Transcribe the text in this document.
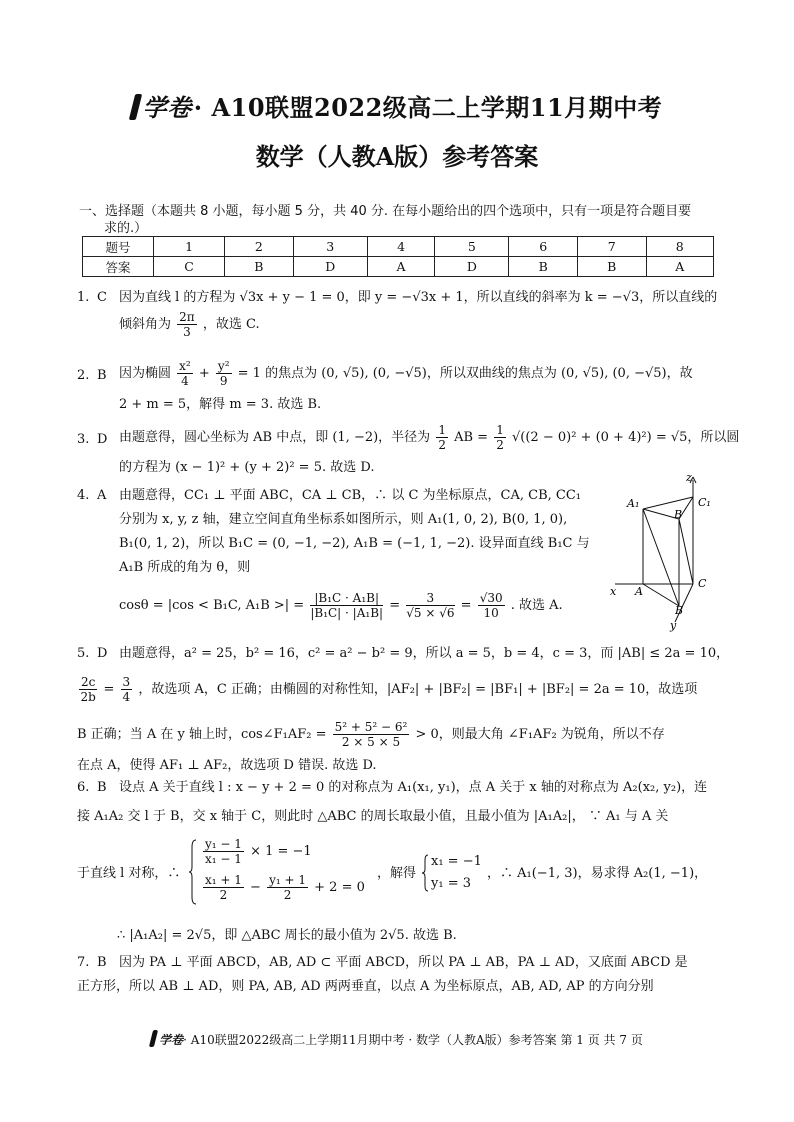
学卷· A10联盟2022级高二上学期11月期中考
数学（人教A版）参考答案
一、选择题（本题共 8 小题，每小题 5 分，共 40 分. 在每小题给出的四个选项中，只有一项是符合题目要
求的.）
题号	1	2	3	4	5	6	7	8
答案	C	B	D	A	D	B	B	A
1. C 因为直线 l 的方程为 √3x + y − 1 = 0，即 y = −√3x + 1，所以直线的斜率为 k = −√3，所以直线的
倾斜角为 $\frac{2\pi}{3}$ ，故选 C.
2. B 因为椭圆 $\frac{\text{x²}}{4} + \frac{\text{y²}}{9} = 1$ 的焦点为 (0, √5), (0, −√5)，所以双曲线的焦点为 (0, √5), (0, −√5)，故
2 + m = 5，解得 m = 3. 故选 B.
3. D 由题意得，圆心坐标为 AB 中点，即 (1, −2)，半径为 $\frac{1}{2}$ AB = $\frac{1}{2} √((2 - 0)^2 + (0 + 4)^2) = √5$，所以圆
的方程为 (x − 1)² + (y + 2)² = 5. 故选 D.
4. A 由题意得，CC₁ ⊥ 平面 ABC，CA ⊥ CB，∴ 以 C 为坐标原点，CA, CB, CC₁
分别为 x, y, z 轴，建立空间直角坐标系如图所示，则 A₁(1, 0, 2), B(0, 1, 0),
B₁(0, 1, 2)，所以 B₁C = (0, −1, −2), A₁B = (−1, 1, −2). 设异面直线 B₁C 与
A₁B 所成的角为 θ，则
cosθ = |cos < B₁C, A₁B >| = $\frac{\text{|B₁C · A₁B|}}{\text{|B₁C| · |A₁B|}} = \frac{3}{√5 \times √6} = \frac{√30}{10}$ . 故选 A.
z
A₁	C₁
B
C
x A
B
y
5. D 由题意得，a² = 25，b² = 16，c² = a² − b² = 9，所以 a = 5，b = 4，c = 3，而 |AB| ≤ 2a = 10，
$\frac{2c}{2b} = \frac{3}{4}$ ，故选项 A，C 正确；由椭圆的对称性知，|AF₂| + |BF₂| = |BF₁| + |BF₂| = 2a = 10，故选项
B 正确；当 A 在 y 轴上时，cos∠F₁AF₂ = $\frac{\text{5² + 5² − 6²}}{2 \times 5 \times 5} > 0$，则最大角 ∠F₁AF₂ 为锐角，所以不存
在点 A，使得 AF₁ ⊥ AF₂，故选项 D 错误. 故选 D.
6. B 设点 A 关于直线 l : x − y + 2 = 0 的对称点为 A₁(x₁, y₁)，点 A 关于 x 轴的对称点为 A₂(x₂, y₂)，连
接 A₁A₂ 交 l 于 B，交 x 轴于 C，则此时 △ABC 的周长取最小值，且最小值为 |A₁A₂|， ∵ A₁ 与 A 关
于直线 l 对称，∴
$\frac{\text{y₁ − 1}}{\text{x₁ − 1}} \times 1 = -1$
$\frac{\text{x₁ + 1}}{2} - \frac{\text{y₁ + 1}}{2} + 2 = 0$
，解得
x₁ = −1
y₁ = 3
，∴ A₁(−1, 3)，易求得 A₂(1, −1)，
∴ |A₁A₂| = 2√5，即 △ABC 周长的最小值为 2√5. 故选 B.
7. B 因为 PA ⊥ 平面 ABCD，AB, AD ⊂ 平面 ABCD，所以 PA ⊥ AB，PA ⊥ AD，又底面 ABCD 是
正方形，所以 AB ⊥ AD，则 PA, AB, AD 两两垂直，以点 A 为坐标原点，AB, AD, AP 的方向分别
学卷· A10联盟2022级高二上学期11月期中考 · 数学（人教A版）参考答案 第 1 页 共 7 页
